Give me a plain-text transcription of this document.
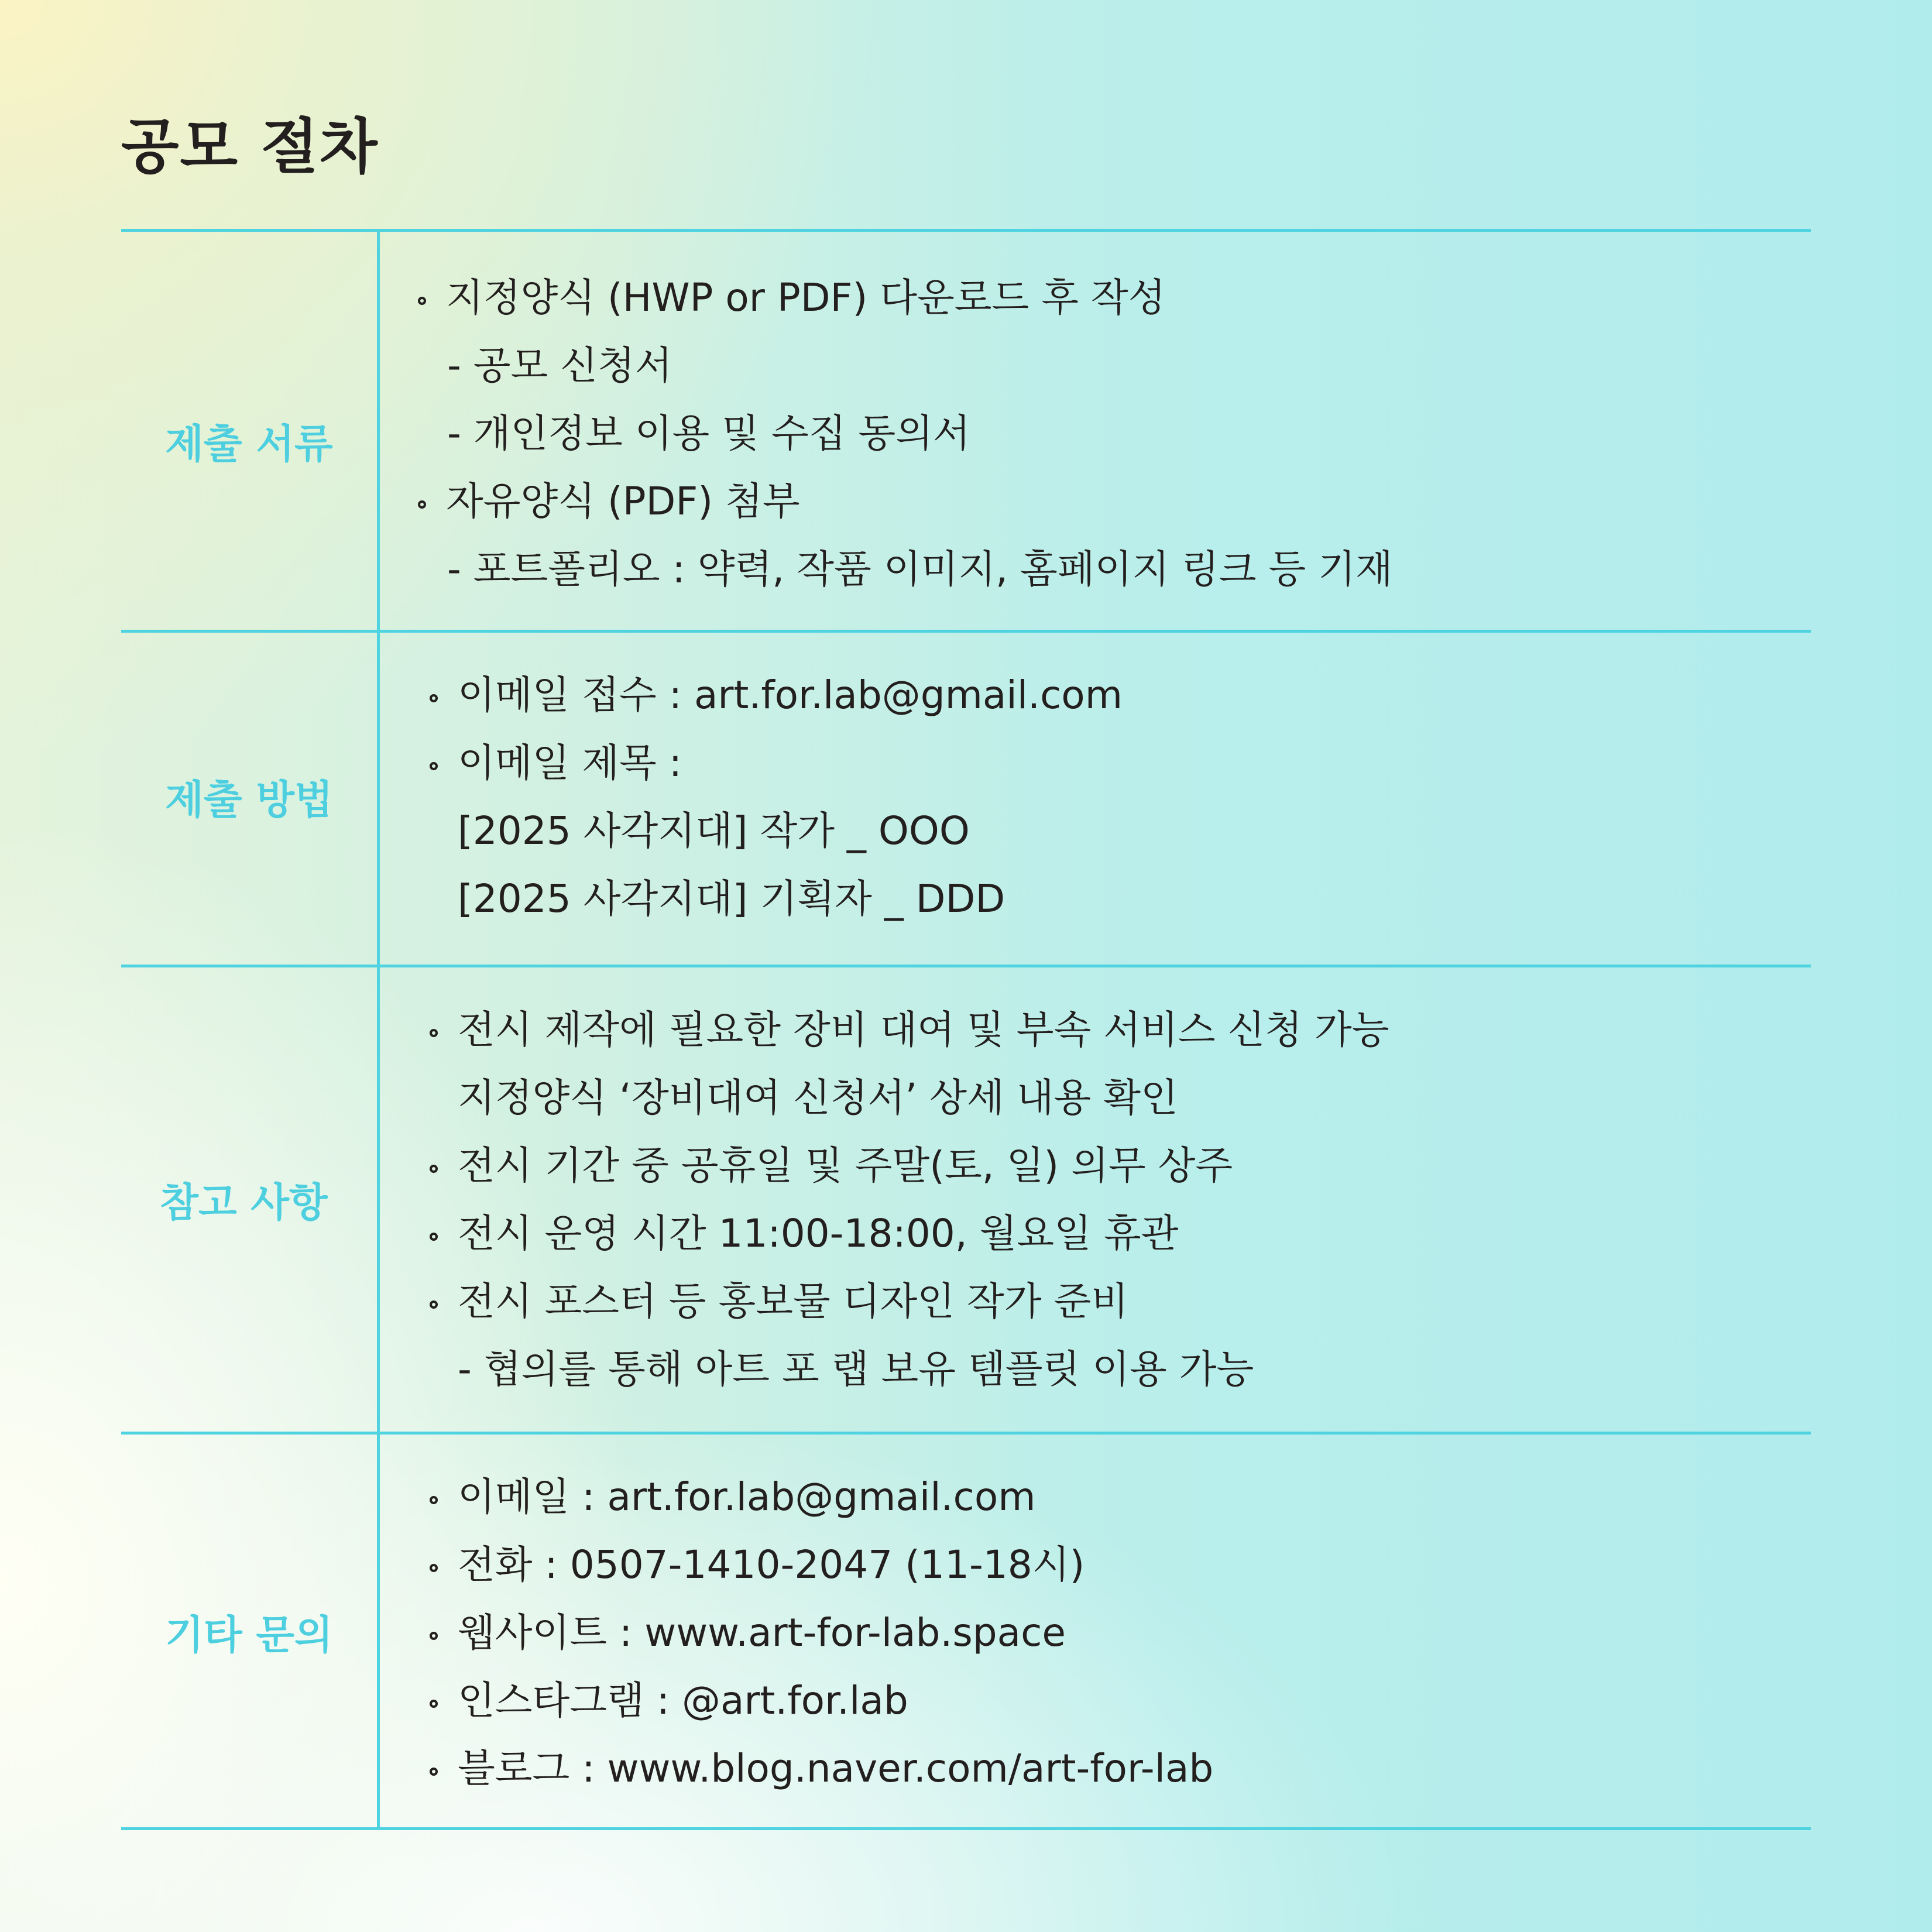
공모 절차
제출 서류
지정양식 (HWP or PDF) 다운로드 후 작성
- 공모 신청서
- 개인정보 이용 및 수집 동의서
자유양식 (PDF) 첨부
- 포트폴리오 : 약력, 작품 이미지, 홈페이지 링크 등 기재
제출 방법
이메일 접수 : art.for.lab@gmail.com
이메일 제목 :
[2025 사각지대] 작가 _ OOO
[2025 사각지대] 기획자 _ DDD
참고 사항
전시 제작에 필요한 장비 대여 및 부속 서비스 신청 가능
지정양식 ‘장비대여 신청서’ 상세 내용 확인
전시 기간 중 공휴일 및 주말(토, 일) 의무 상주
전시 운영 시간 11:00-18:00, 월요일 휴관
전시 포스터 등 홍보물 디자인 작가 준비
- 협의를 통해 아트 포 랩 보유 템플릿 이용 가능
기타 문의
이메일 : art.for.lab@gmail.com
전화 : 0507-1410-2047 (11-18시)
웹사이트 : www.art-for-lab.space
인스타그램 : @art.for.lab
블로그 : www.blog.naver.com/art-for-lab
